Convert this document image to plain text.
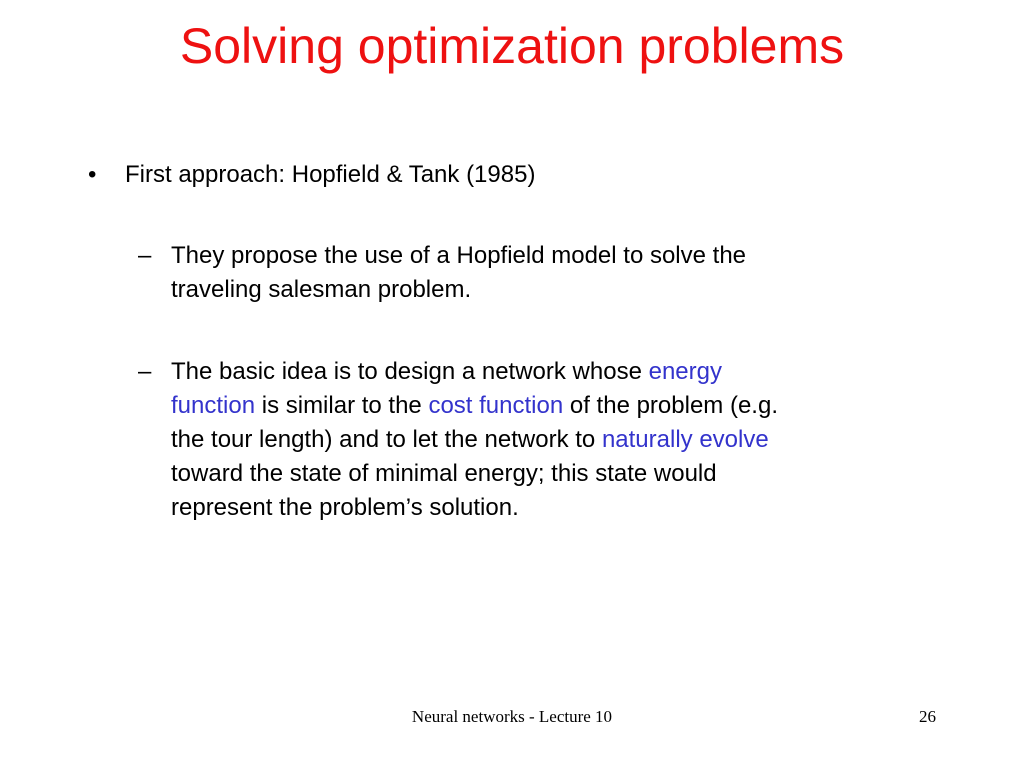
Solving optimization problems
• First approach: Hopfield & Tank (1985)
– They propose the use of a Hopfield model to solve the
traveling salesman problem.
– The basic idea is to design a network whose energy
function is similar to the cost function of the problem (e.g.
the tour length) and to let the network to naturally evolve
toward the state of minimal energy; this state would
represent the problem’s solution.
Neural networks - Lecture 10	26
